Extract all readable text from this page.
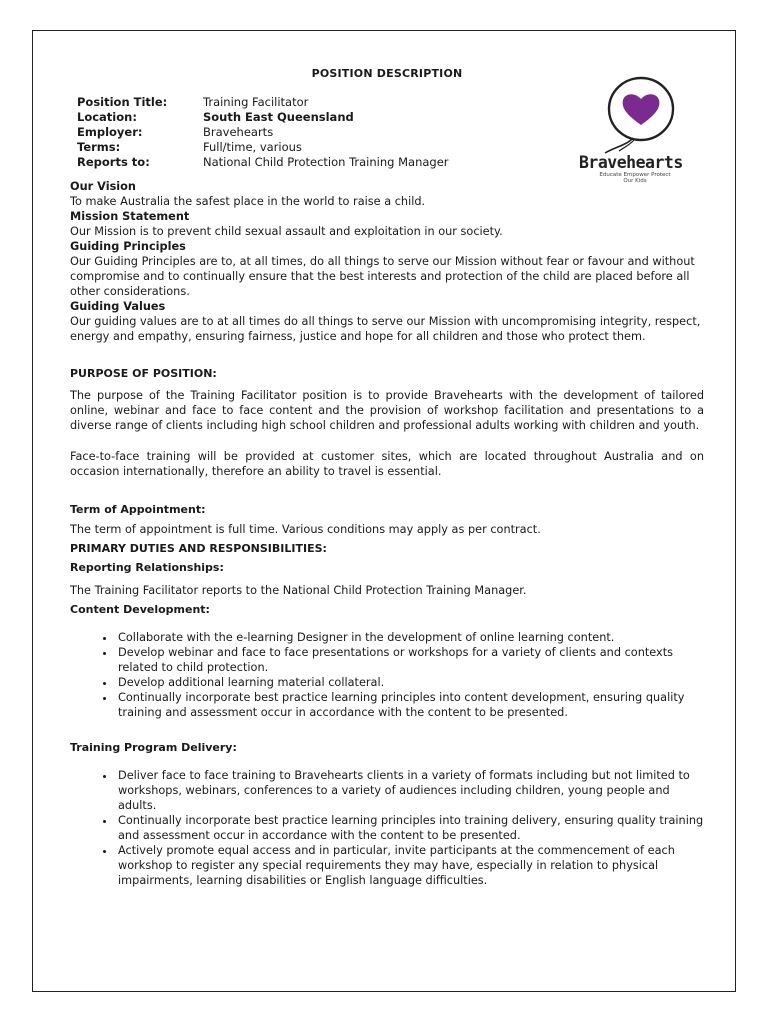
Bravehearts
Educate Empower Protect
Our Kids
POSITION DESCRIPTION
Position Title:	Training Facilitator
Location:	South East Queensland
Employer:	Bravehearts
Terms:	Full/time, various
Reports to:	National Child Protection Training Manager
Our Vision

To make Australia the safest place in the world to raise a child.

Mission Statement

Our Mission is to prevent child sexual assault and exploitation in our society.

Guiding Principles

Our Guiding Principles are to, at all times, do all things to serve our Mission without fear or favour and without compromise and to continually ensure that the best interests and protection of the child are placed before all other considerations.

Guiding Values

Our guiding values are to at all times do all things to serve our Mission with uncompromising integrity, respect, energy and empathy, ensuring fairness, justice and hope for all children and those who protect them.

PURPOSE OF POSITION:

The purpose of the Training Facilitator position is to provide Bravehearts with the development of tailored online, webinar and face to face content and the provision of workshop facilitation and presentations to a diverse range of clients including high school children and professional adults working with children and youth.

Face-to-face training will be provided at customer sites, which are located throughout Australia and on occasion internationally, therefore an ability to travel is essential.

Term of Appointment:

The term of appointment is full time. Various conditions may apply as per contract.

PRIMARY DUTIES AND RESPONSIBILITIES:
Reporting Relationships:

The Training Facilitator reports to the National Child Protection Training Manager.

Content Development:
• Collaborate with the e-learning Designer in the development of online learning content.
• Develop webinar and face to face presentations or workshops for a variety of clients and contexts related to child protection.
• Develop additional learning material collateral.
• Continually incorporate best practice learning principles into content development, ensuring quality training and assessment occur in accordance with the content to be presented.
Training Program Delivery:
• Deliver face to face training to Bravehearts clients in a variety of formats including but not limited to workshops, webinars, conferences to a variety of audiences including children, young people and adults.
• Continually incorporate best practice learning principles into training delivery, ensuring quality training and assessment occur in accordance with the content to be presented.
• Actively promote equal access and in particular, invite participants at the commencement of each workshop to register any special requirements they may have, especially in relation to physical impairments, learning disabilities or English language difficulties.
